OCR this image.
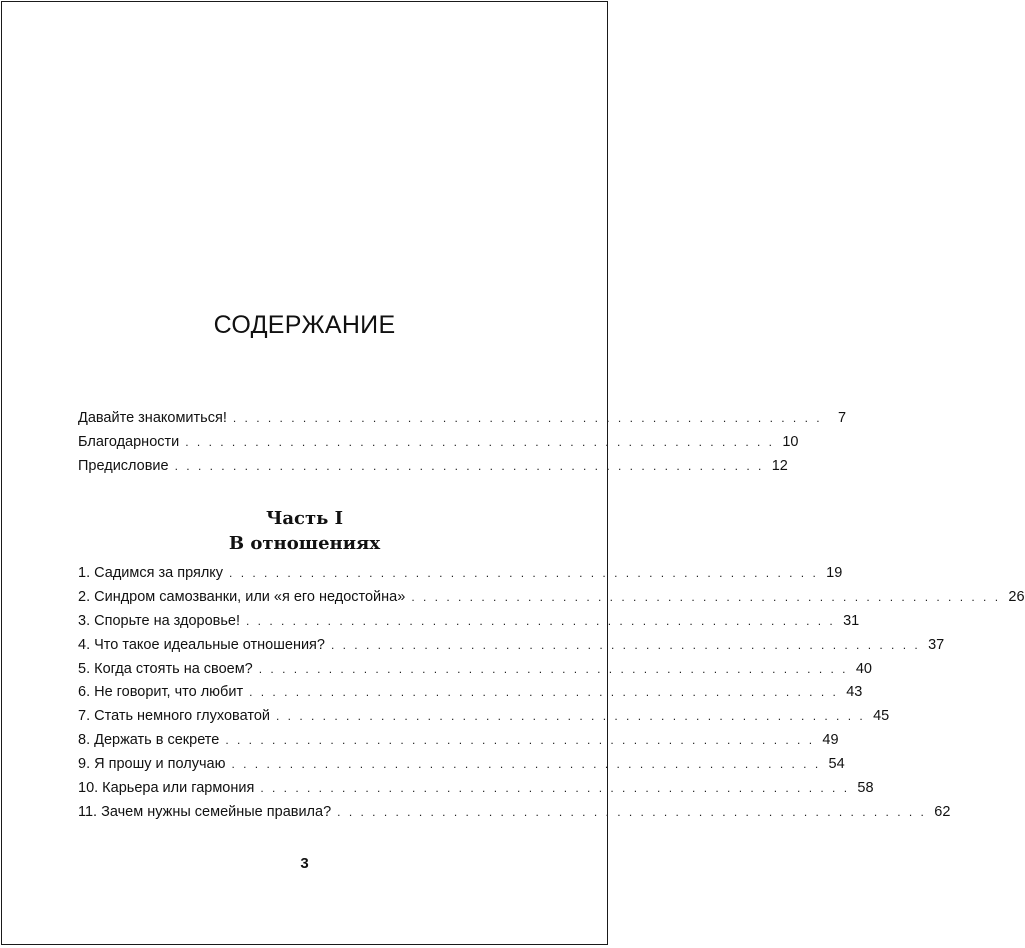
СОДЕРЖАНИЕ
Давайте знакомиться! . . . . . . . . . . . . . . . . . . . . . . . . . . . . . . . . . . . . . . . . . . . . . . . . . . .	7
Благодарности . . . . . . . . . . . . . . . . . . . . . . . . . . . . . . . . . . . . . . . . . . . . . . . . . . . 10
Предисловие . . . . . . . . . . . . . . . . . . . . . . . . . . . . . . . . . . . . . . . . . . . . . . . . . . . 12
Часть I
В отношениях
1. Садимся за прялку . . . . . . . . . . . . . . . . . . . . . . . . . . . . . . . . . . . . . . . . . . . . . . . . . . . 19
2. Синдром самозванки, или «я его недостойна» . . . . . . . . . . . . . . . . . . . . . . . . . . . . . . . . . . . . . . . . . . . . . . . . . . . 26
3. Спорьте на здоровье! . . . . . . . . . . . . . . . . . . . . . . . . . . . . . . . . . . . . . . . . . . . . . . . . . . . 31
4. Что такое идеальные отношения? . . . . . . . . . . . . . . . . . . . . . . . . . . . . . . . . . . . . . . . . . . . . . . . . . . . 37
5. Когда стоять на своем? . . . . . . . . . . . . . . . . . . . . . . . . . . . . . . . . . . . . . . . . . . . . . . . . . . . 40
6. Не говорит, что любит . . . . . . . . . . . . . . . . . . . . . . . . . . . . . . . . . . . . . . . . . . . . . . . . . . . 43
7. Стать немного глуховатой . . . . . . . . . . . . . . . . . . . . . . . . . . . . . . . . . . . . . . . . . . . . . . . . . . . 45
8. Держать в секрете . . . . . . . . . . . . . . . . . . . . . . . . . . . . . . . . . . . . . . . . . . . . . . . . . . . 49
9. Я прошу и получаю . . . . . . . . . . . . . . . . . . . . . . . . . . . . . . . . . . . . . . . . . . . . . . . . . . . 54
10. Карьера или гармония . . . . . . . . . . . . . . . . . . . . . . . . . . . . . . . . . . . . . . . . . . . . . . . . . . . 58
11. Зачем нужны семейные правила? . . . . . . . . . . . . . . . . . . . . . . . . . . . . . . . . . . . . . . . . . . . . . . . . . . . 62
3
